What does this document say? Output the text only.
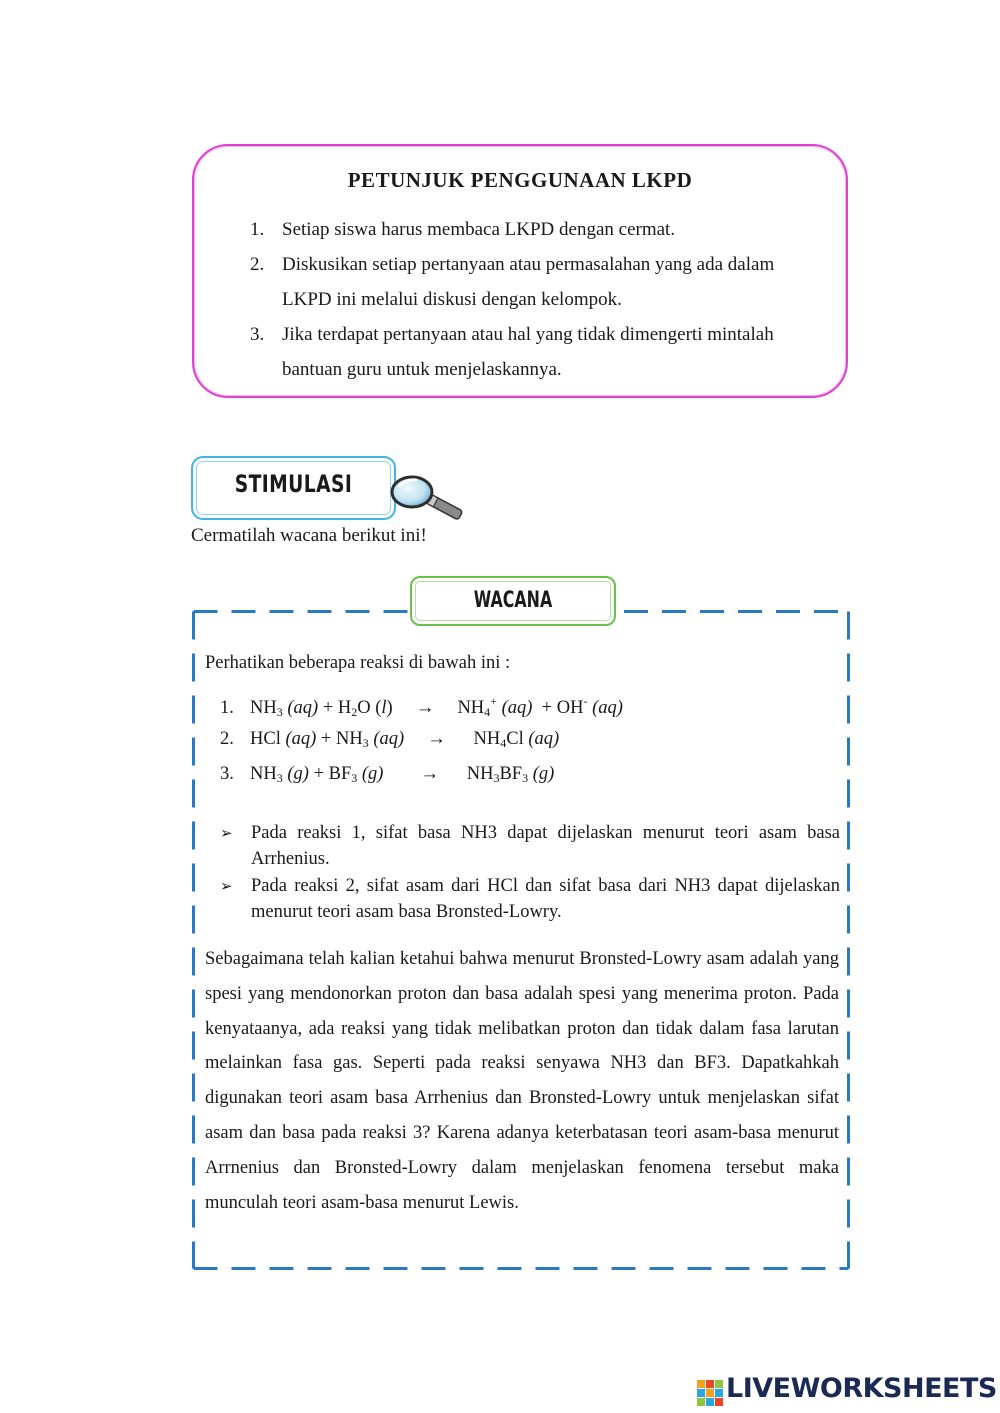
PETUNJUK PENGGUNAAN LKPD
1. Setiap siswa harus membaca LKPD dengan cermat.
2. Diskusikan setiap pertanyaan atau permasalahan yang ada dalam LKPD ini melalui diskusi dengan kelompok.
3. Jika terdapat pertanyaan atau hal yang tidak dimengerti mintalah bantuan guru untuk menjelaskannya.
STIMULASI
Cermatilah wacana berikut ini!
WACANA
Perhatikan beberapa reaksi di bawah ini :
1. $NH_3$ $(aq) + H_2O$ (l)     →     $NH_4^+$ (aq)  + OH- (aq)
2. HCl $(aq) + NH_3$ (aq)     →      $NH_4Cl$ (aq)
3. $NH_3$ $(g) + BF_3$ (g)        →      $NH_3BF_3$ (g)
➢ Pada reaksi 1, sifat basa NH3 dapat dijelaskan menurut teori asam basa Arrhenius.
➢ Pada reaksi 2, sifat asam dari HCl dan sifat basa dari NH3 dapat dijelaskan menurut teori asam basa Bronsted-Lowry.
Sebagaimana telah kalian ketahui bahwa menurut Bronsted-Lowry asam adalah yang spesi yang mendonorkan proton dan basa adalah spesi yang menerima proton. Pada kenyataanya, ada reaksi yang tidak melibatkan proton dan tidak dalam fasa larutan melainkan fasa gas. Seperti pada reaksi senyawa NH3 dan BF3. Dapatkahkah digunakan teori asam basa Arrhenius dan Bronsted-Lowry untuk menjelaskan sifat asam dan basa pada reaksi 3? Karena adanya keterbatasan teori asam-basa menurut Arrnenius dan Bronsted-Lowry dalam menjelaskan fenomena tersebut maka munculah teori asam-basa menurut Lewis.
LIVEWORKSHEETS
